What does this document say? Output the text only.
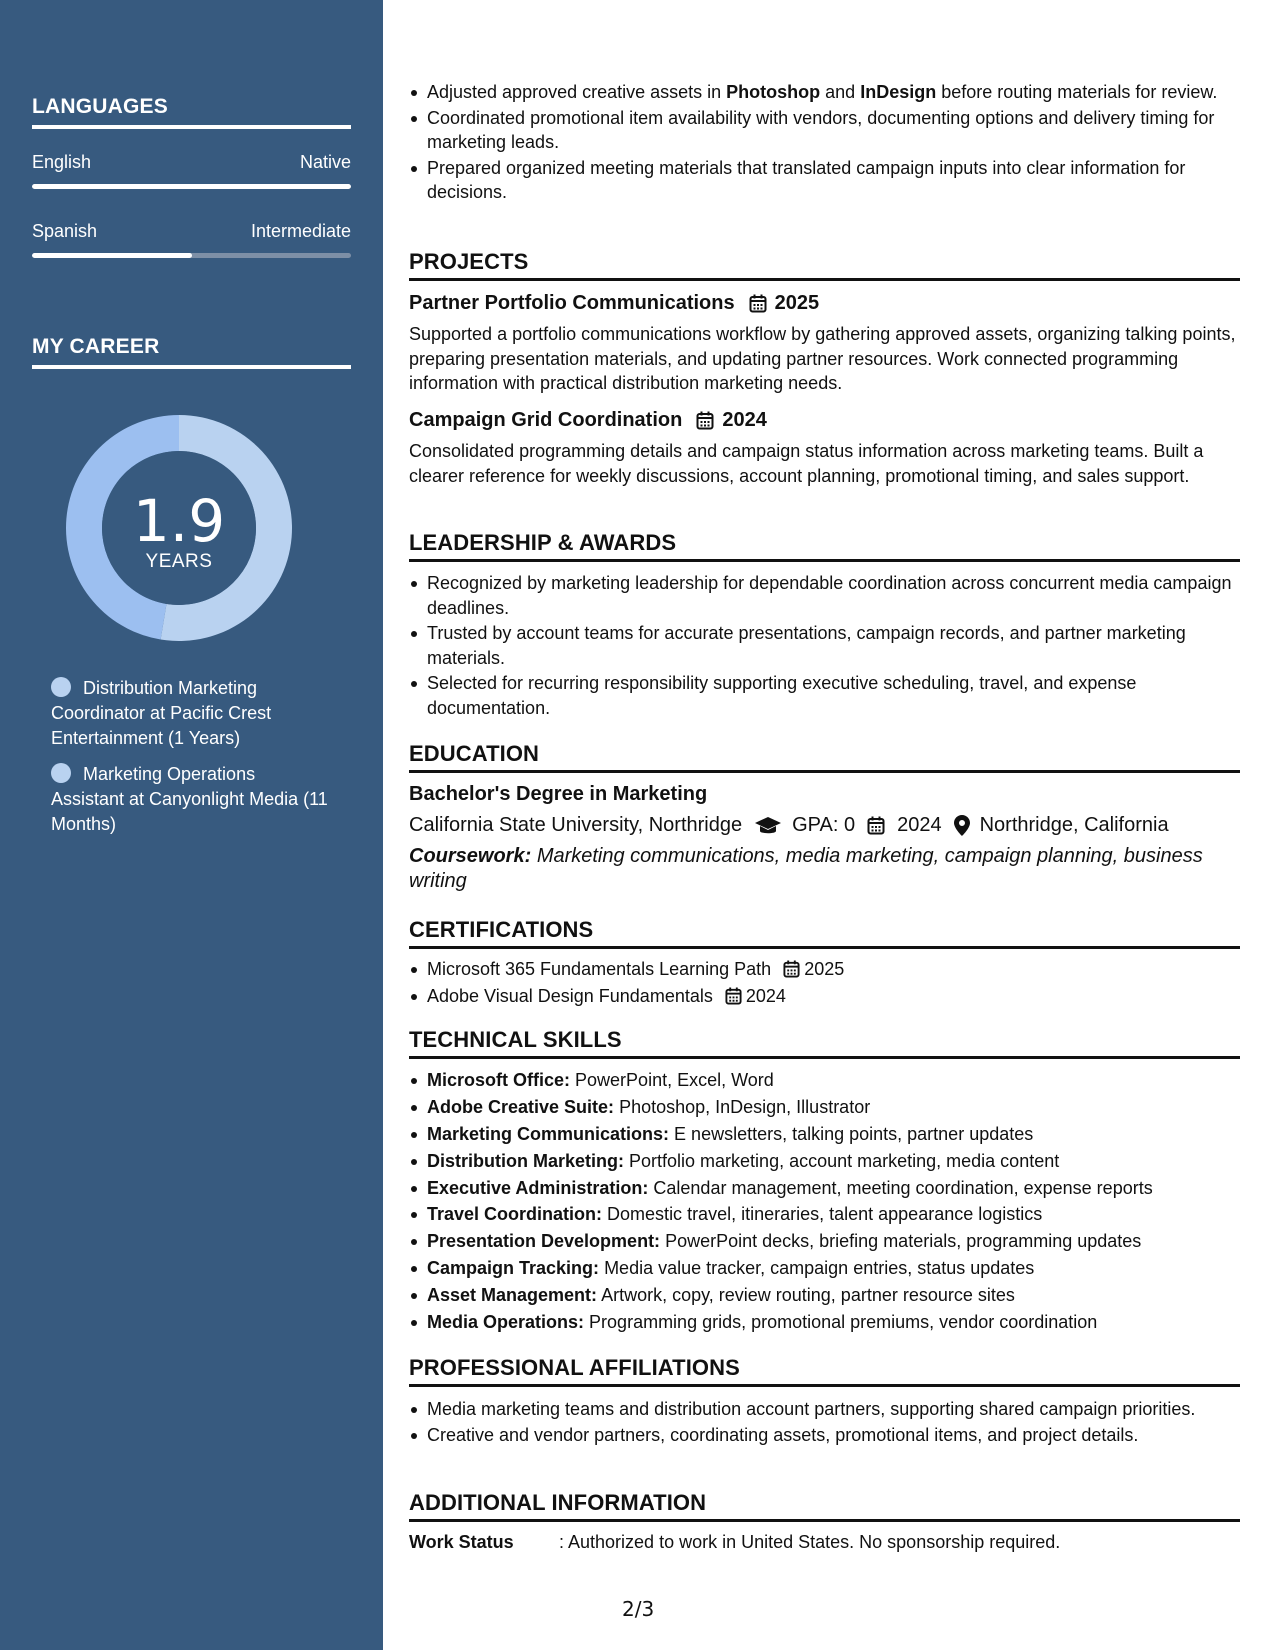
LANGUAGES
English	Native
Spanish	Intermediate
MY CAREER
1.9
YEARS
Distribution Marketing Coordinator at Pacific Crest Entertainment (1 Years)
Marketing Operations Assistant at Canyonlight Media (11 Months)
Adjusted approved creative assets in Photoshop and InDesign before routing materials for review.
Coordinated promotional item availability with vendors, documenting options and delivery timing for marketing leads.
Prepared organized meeting materials that translated campaign inputs into clear information for decisions.
PROJECTS
Partner Portfolio Communications 2025
Supported a portfolio communications workflow by gathering approved assets, organizing talking points, preparing presentation materials, and updating partner resources. Work connected programming information with practical distribution marketing needs.
Campaign Grid Coordination 2024
Consolidated programming details and campaign status information across marketing teams. Built a clearer reference for weekly discussions, account planning, promotional timing, and sales support.
LEADERSHIP & AWARDS
Recognized by marketing leadership for dependable coordination across concurrent media campaign deadlines.
Trusted by account teams for accurate presentations, campaign records, and partner marketing materials.
Selected for recurring responsibility supporting executive scheduling, travel, and expense documentation.
EDUCATION
Bachelor's Degree in Marketing
California State University, Northridge	GPA: 0 2024 Northridge, California
Coursework: Marketing communications, media marketing, campaign planning, business writing
CERTIFICATIONS
Microsoft 365 Fundamentals Learning Path 2025
Adobe Visual Design Fundamentals 2024
TECHNICAL SKILLS
Microsoft Office: PowerPoint, Excel, Word
Adobe Creative Suite: Photoshop, InDesign, Illustrator
Marketing Communications: E newsletters, talking points, partner updates
Distribution Marketing: Portfolio marketing, account marketing, media content
Executive Administration: Calendar management, meeting coordination, expense reports
Travel Coordination: Domestic travel, itineraries, talent appearance logistics
Presentation Development: PowerPoint decks, briefing materials, programming updates
Campaign Tracking: Media value tracker, campaign entries, status updates
Asset Management: Artwork, copy, review routing, partner resource sites
Media Operations: Programming grids, promotional premiums, vendor coordination
PROFESSIONAL AFFILIATIONS
Media marketing teams and distribution account partners, supporting shared campaign priorities.
Creative and vendor partners, coordinating assets, promotional items, and project details.
ADDITIONAL INFORMATION
Work Status	: Authorized to work in United States. No sponsorship required.
2/3
